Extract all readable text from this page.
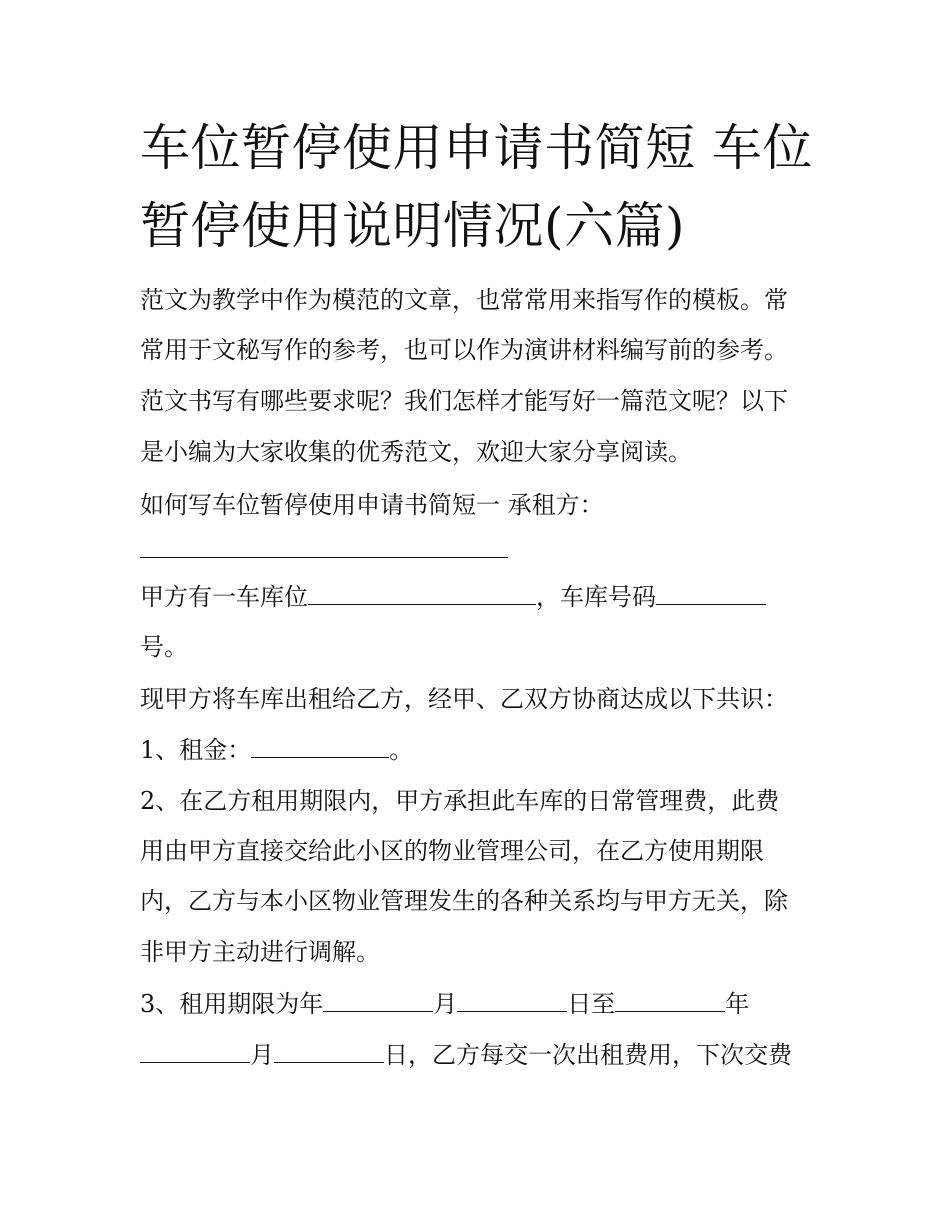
车位暂停使用申请书简短 车位
暂停使用说明情况(六篇)
范文为教学中作为模范的文章，也常常用来指写作的模板。常
常用于文秘写作的参考，也可以作为演讲材料编写前的参考。
范文书写有哪些要求呢？我们怎样才能写好一篇范文呢？以下
是小编为大家收集的优秀范文，欢迎大家分享阅读。
如何写车位暂停使用申请书简短一 承租方：
甲方有一车库位	，车库号码
号。
现甲方将车库出租给乙方，经甲、乙双方协商达成以下共识：
1、租金：	。
2、在乙方租用期限内，甲方承担此车库的日常管理费，此费
用由甲方直接交给此小区的物业管理公司，在乙方使用期限
内，乙方与本小区物业管理发生的各种关系均与甲方无关，除
非甲方主动进行调解。
3、租用期限为年	月	日至	年
月	日，乙方每交一次出租费用，下次交费
